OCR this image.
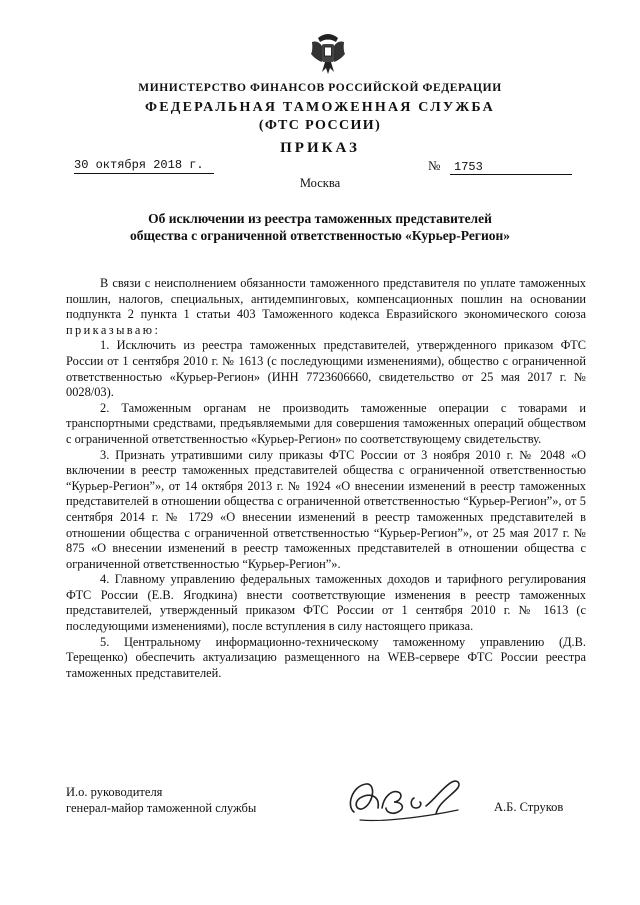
МИНИСТЕРСТВО ФИНАНСОВ РОССИЙСКОЙ ФЕДЕРАЦИИ
ФЕДЕРАЛЬНАЯ ТАМОЖЕННАЯ СЛУЖБА
(ФТС РОССИИ)
ПРИКАЗ
30 октября 2018 г.	№ 1753
Москва
Об исключении из реестра таможенных представителей
общества с ограниченной ответственностью «Курьер-Регион»

В связи с неисполнением обязанности таможенного представителя по уплате таможенных пошлин, налогов, специальных, антидемпинговых, компенсационных пошлин на основании подпункта 2 пункта 1 статьи 403 Таможенного кодекса Евразийского экономического союза приказываю:

1. Исключить из реестра таможенных представителей, утвержденного приказом ФТС России от 1 сентября 2010 г. № 1613 (с последующими изменениями), общество с ограниченной ответственностью «Курьер-Регион» (ИНН 7723606660, свидетельство от 25 мая 2017 г. № 0028/03).

2. Таможенным органам не производить таможенные операции с товарами и транспортными средствами, предъявляемыми для совершения таможенных операций обществом с ограниченной ответственностью «Курьер-Регион» по соответствующему свидетельству.

3. Признать утратившими силу приказы ФТС России от 3 ноября 2010 г. № 2048 «О включении в реестр таможенных представителей общества с ограниченной ответственностью “Курьер-Регион”», от 14 октября 2013 г. № 1924 «О внесении изменений в реестр таможенных представителей в отношении общества с ограниченной ответственностью “Курьер-Регион”», от 5 сентября 2014 г. № 1729 «О внесении изменений в реестр таможенных представителей в отношении общества с ограниченной ответственностью “Курьер-Регион”», от 25 мая 2017 г. № 875 «О внесении изменений в реестр таможенных представителей в отношении общества с ограниченной ответственностью “Курьер-Регион”».

4. Главному управлению федеральных таможенных доходов и тарифного регулирования ФТС России (Е.В. Ягодкина) внести соответствующие изменения в реестр таможенных представителей, утвержденный приказом ФТС России от 1 сентября 2010 г. № 1613 (с последующими изменениями), после вступления в силу настоящего приказа.

5. Центральному информационно-техническому таможенному управлению (Д.В. Терещенко) обеспечить актуализацию размещенного на WEB-сервере ФТС России реестра таможенных представителей.

И.о. руководителя
генерал-майор таможенной службы	А.Б. Струков
